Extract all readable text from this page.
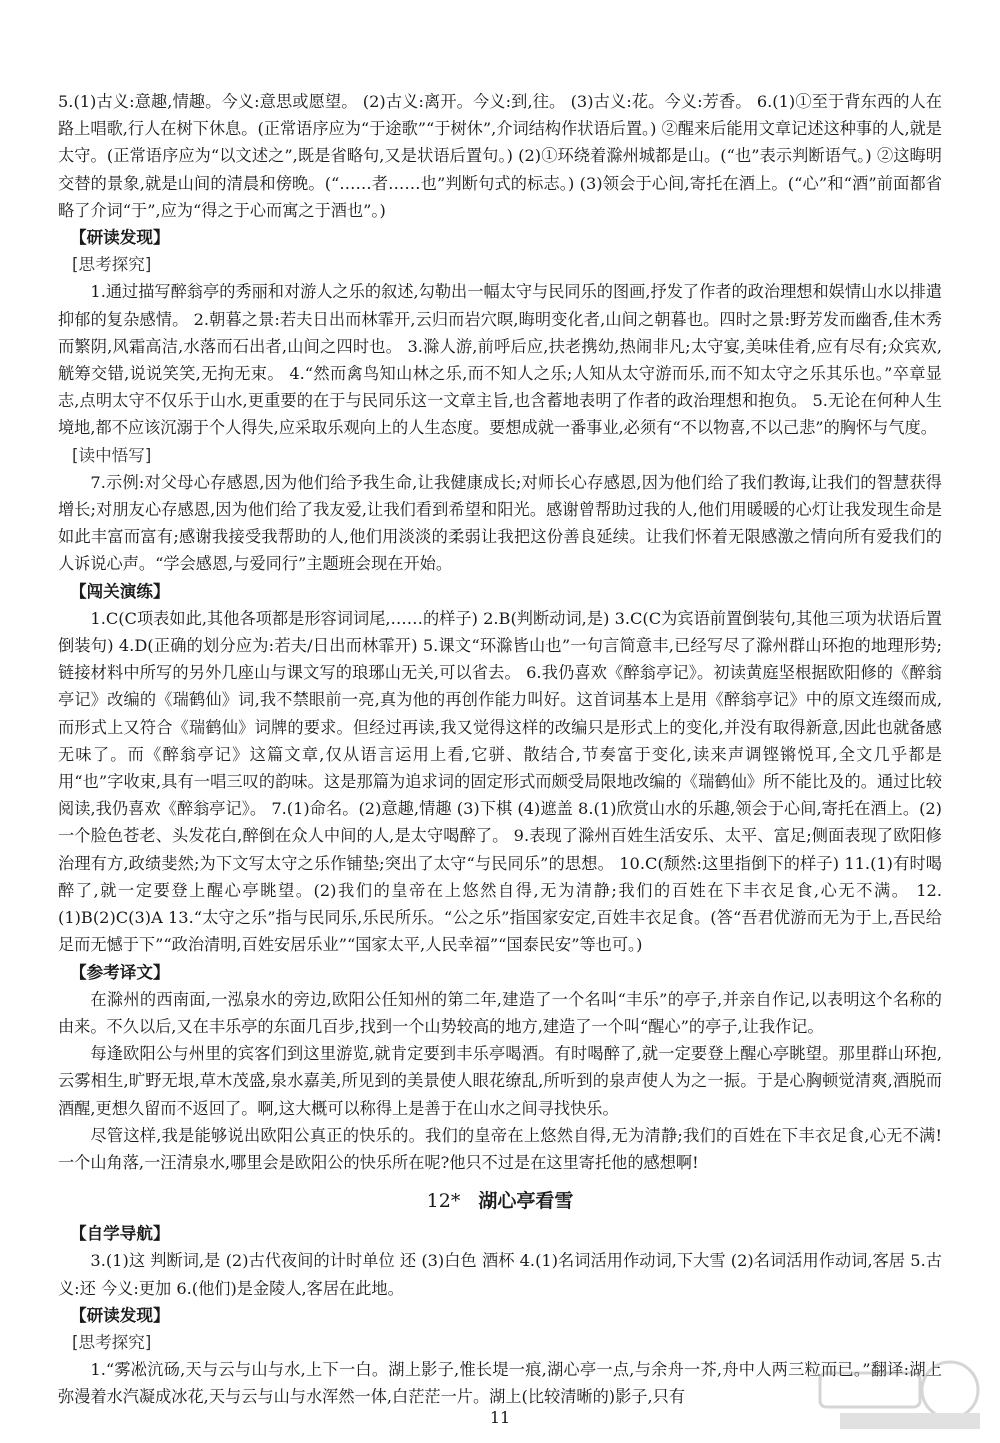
5.(1)古义:意趣,情趣。今义:意思或愿望。 (2)古义:离开。今义:到,往。 (3)古义:花。今义:芳香。 6.(1)①至于背东西的人在路上唱歌,行人在树下休息。(正常语序应为“于途歌”“于树休”,介词结构作状语后置。) ②醒来后能用文章记述这种事的人,就是太守。(正常语序应为“以文述之”,既是省略句,又是状语后置句。) (2)①环绕着滁州城都是山。(“也”表示判断语气。) ②这晦明交替的景象,就是山间的清晨和傍晚。(“……者……也”判断句式的标志。) (3)领会于心间,寄托在酒上。(“心”和“酒”前面都省略了介词“于”,应为“得之于心而寓之于酒也”。)

【研读发现】

[思考探究]

1.通过描写醉翁亭的秀丽和对游人之乐的叙述,勾勒出一幅太守与民同乐的图画,抒发了作者的政治理想和娱情山水以排遣抑郁的复杂感情。 2.朝暮之景:若夫日出而林霏开,云归而岩穴暝,晦明变化者,山间之朝暮也。四时之景:野芳发而幽香,佳木秀而繁阴,风霜高洁,水落而石出者,山间之四时也。 3.滁人游,前呼后应,扶老携幼,热闹非凡;太守宴,美味佳肴,应有尽有;众宾欢,觥筹交错,说说笑笑,无拘无束。 4.“然而禽鸟知山林之乐,而不知人之乐;人知从太守游而乐,而不知太守之乐其乐也。”卒章显志,点明太守不仅乐于山水,更重要的在于与民同乐这一文章主旨,也含蓄地表明了作者的政治理想和抱负。 5.无论在何种人生境地,都不应该沉溺于个人得失,应采取乐观向上的人生态度。要想成就一番事业,必须有“不以物喜,不以己悲”的胸怀与气度。

[读中悟写]

7.示例:对父母心存感恩,因为他们给予我生命,让我健康成长;对师长心存感恩,因为他们给了我们教诲,让我们的智慧获得增长;对朋友心存感恩,因为他们给了我友爱,让我们看到希望和阳光。感谢曾帮助过我的人,他们用暖暖的心灯让我发现生命是如此丰富而富有;感谢我接受我帮助的人,他们用淡淡的柔弱让我把这份善良延续。让我们怀着无限感激之情向所有爱我们的人诉说心声。“学会感恩,与爱同行”主题班会现在开始。

【闯关演练】

1.C(C项表如此,其他各项都是形容词词尾,……的样子) 2.B(判断动词,是) 3.C(C为宾语前置倒装句,其他三项为状语后置倒装句) 4.D(正确的划分应为:若夫/日出而林霏开) 5.课文“环滁皆山也”一句言简意丰,已经写尽了滁州群山环抱的地理形势;链接材料中所写的另外几座山与课文写的琅琊山无关,可以省去。 6.我仍喜欢《醉翁亭记》。初读黄庭坚根据欧阳修的《醉翁亭记》改编的《瑞鹤仙》词,我不禁眼前一亮,真为他的再创作能力叫好。这首词基本上是用《醉翁亭记》中的原文连缀而成,而形式上又符合《瑞鹤仙》词牌的要求。但经过再读,我又觉得这样的改编只是形式上的变化,并没有取得新意,因此也就备感无味了。而《醉翁亭记》这篇文章,仅从语言运用上看,它骈、散结合,节奏富于变化,读来声调铿锵悦耳,全文几乎都是用“也”字收束,具有一唱三叹的韵味。这是那篇为追求词的固定形式而颇受局限地改编的《瑞鹤仙》所不能比及的。通过比较阅读,我仍喜欢《醉翁亭记》。 7.(1)命名。(2)意趣,情趣 (3)下棋 (4)遮盖 8.(1)欣赏山水的乐趣,领会于心间,寄托在酒上。(2)一个脸色苍老、头发花白,醉倒在众人中间的人,是太守喝醉了。 9.表现了滁州百姓生活安乐、太平、富足;侧面表现了欧阳修治理有方,政绩斐然;为下文写太守之乐作铺垫;突出了太守“与民同乐”的思想。 10.C(颓然:这里指倒下的样子) 11.(1)有时喝醉了,就一定要登上醒心亭眺望。(2)我们的皇帝在上悠然自得,无为清静;我们的百姓在下丰衣足食,心无不满。 12.(1)B(2)C(3)A 13.“太守之乐”指与民同乐,乐民所乐。“公之乐”指国家安定,百姓丰衣足食。(答“吾君优游而无为于上,吾民给足而无憾于下”“政治清明,百姓安居乐业”“国家太平,人民幸福”“国泰民安”等也可。)

【参考译文】

在滁州的西南面,一泓泉水的旁边,欧阳公任知州的第二年,建造了一个名叫“丰乐”的亭子,并亲自作记,以表明这个名称的由来。不久以后,又在丰乐亭的东面几百步,找到一个山势较高的地方,建造了一个叫“醒心”的亭子,让我作记。

每逢欧阳公与州里的宾客们到这里游览,就肯定要到丰乐亭喝酒。有时喝醉了,就一定要登上醒心亭眺望。那里群山环抱,云雾相生,旷野无垠,草木茂盛,泉水嘉美,所见到的美景使人眼花缭乱,所听到的泉声使人为之一振。于是心胸顿觉清爽,酒脱而酒醒,更想久留而不返回了。啊,这大概可以称得上是善于在山水之间寻找快乐。

尽管这样,我是能够说出欧阳公真正的快乐的。我们的皇帝在上悠然自得,无为清静;我们的百姓在下丰衣足食,心无不满!一个山角落,一汪清泉水,哪里会是欧阳公的快乐所在呢?他只不过是在这里寄托他的感想啊!

12* 湖心亭看雪

【自学导航】

3.(1)这 判断词,是 (2)古代夜间的计时单位 还 (3)白色 酒杯 4.(1)名词活用作动词,下大雪 (2)名词活用作动词,客居 5.古义:还 今义:更加 6.(他们)是金陵人,客居在此地。

【研读发现】

[思考探究]

1.“雾凇沆砀,天与云与山与水,上下一白。湖上影子,惟长堤一痕,湖心亭一点,与余舟一芥,舟中人两三粒而已。”翻译:湖上弥漫着水汽凝成冰花,天与云与山与水浑然一体,白茫茫一片。湖上(比较清晰的)影子,只有

11
